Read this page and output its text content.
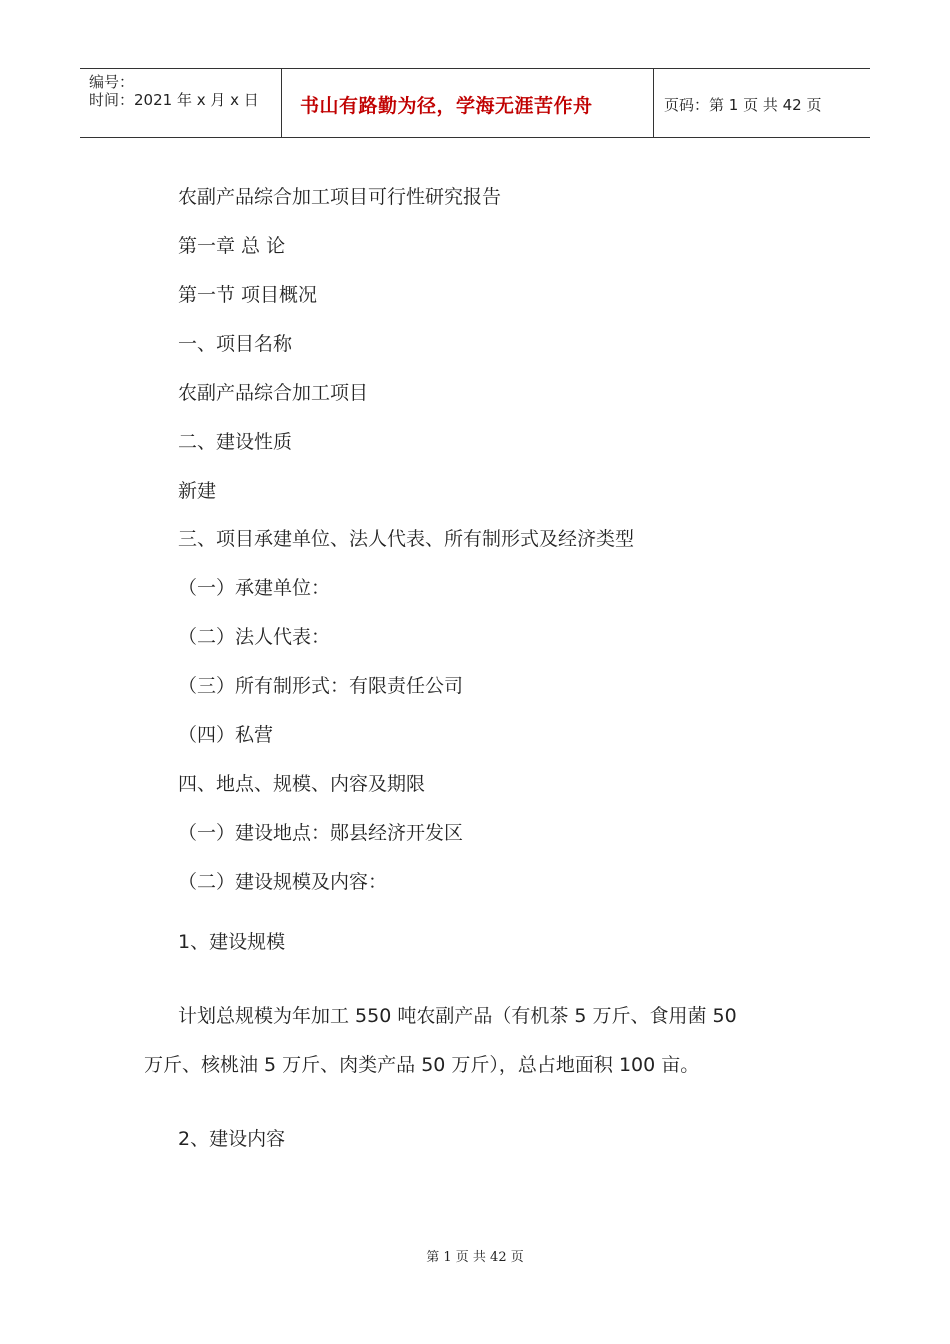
编号：
时间：2021 年 x 月 x 日 书山有路勤为径，学海无涯苦作舟	页码：第 1 页 共 42 页
农副产品综合加工项目可行性研究报告
第一章 总 论
第一节 项目概况
一、项目名称
农副产品综合加工项目
二、建设性质
新建
三、项目承建单位、法人代表、所有制形式及经济类型
（一）承建单位：
（二）法人代表：
（三）所有制形式：有限责任公司
（四）私营
四、地点、规模、内容及期限
（一）建设地点：郧县经济开发区
（二）建设规模及内容：
1、建设规模
计划总规模为年加工 550 吨农副产品（有机茶 5 万斤、食用菌 50
万斤、核桃油 5 万斤、肉类产品 50 万斤），总占地面积 100 亩。
2、建设内容
第 1 页 共 42 页
